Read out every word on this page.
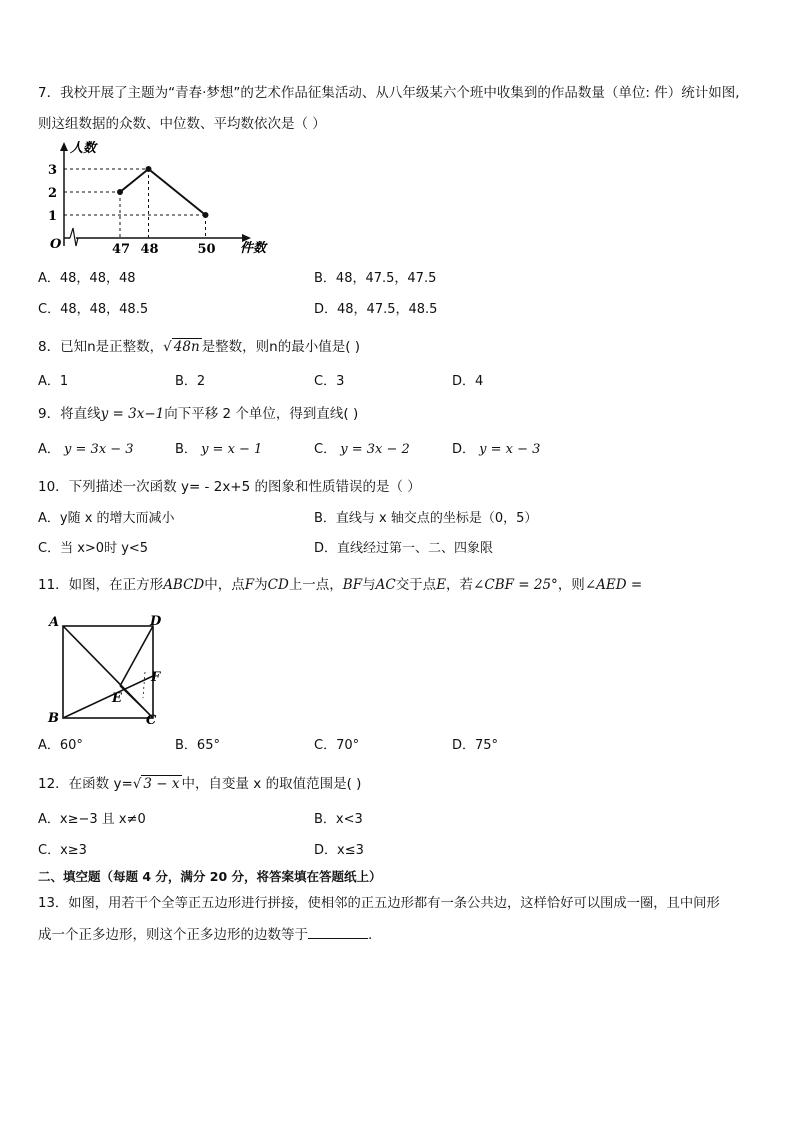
7．我校开展了主题为“青春·梦想”的艺术作品征集活动、从八年级某六个班中收集到的作品数量（单位: 件）统计如图,
则这组数据的众数、中位数、平均数依次是（ ）
O
人数
件数
1
2
3
47 48	50
A．48，48，48	B．48，47.5，47.5
C．48，48，48.5	D．48，47.5，48.5
8．已知n是正整数，√ 48n 是整数，则n的最小值是( )
A．1	B．2	C．3	D．4
9．将直线y = 3x−1向下平移 2 个单位，得到直线( )
A． y = 3x − 3	B． y = x − 1	C． y = 3x − 2	D． y = x − 3
10．下列描述一次函数 y= - 2x+5 的图象和性质错误的是（ ）
A．y随 x 的增大而减小	B．直线与 x 轴交点的坐标是（0，5）
C．当 x>0时 y<5	D．直线经过第一、二、四象限
11．如图，在正方形ABCD中，点F为CD上一点，BF与AC交于点E，若∠CBF = 25°，则∠AED =
A	D
B	C
E
F
A．60°	B．65°	C．70°	D．75°
12．在函数 y=√ 3 − x 中，自变量 x 的取值范围是( )
A．x≥−3 且 x≠0	B．x<3
C．x≥3	D．x≤3
二、填空题（每题 4 分，满分 20 分，将答案填在答题纸上）
13．如图，用若干个全等正五边形进行拼接，使相邻的正五边形都有一条公共边，这样恰好可以围成一圈，且中间形
成一个正多边形，则这个正多边形的边数等于	.
